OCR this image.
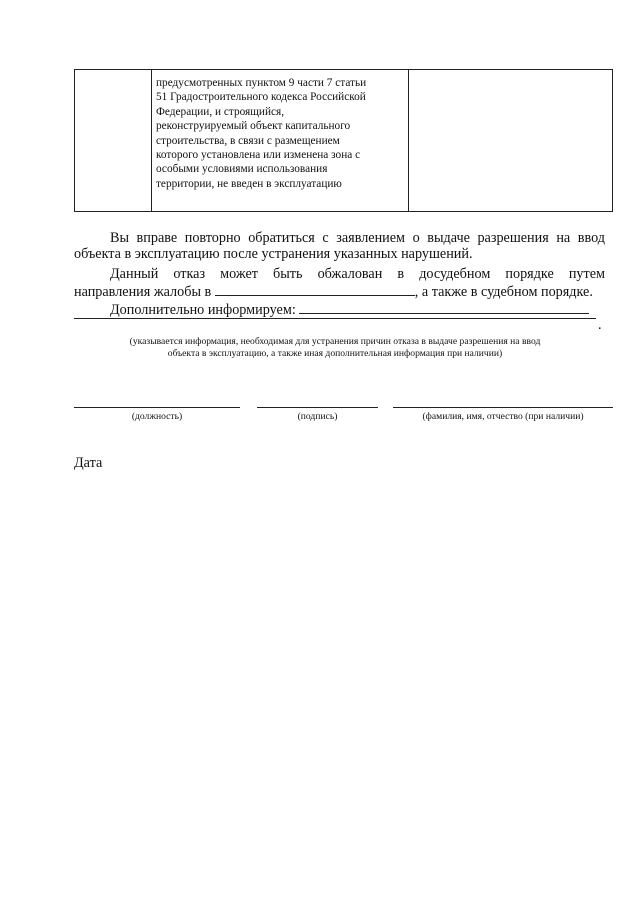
предусмотренных пунктом 9 части 7 статьи
51 Градостроительного кодекса Российской
Федерации, и строящийся,
реконструируемый объект капитального
строительства, в связи с размещением
которого установлена или изменена зона с
особыми условиями использования
территории, не введен в эксплуатацию

Вы вправе повторно обратиться с заявлением о выдаче разрешения на ввод
объекта в эксплуатацию после устранения указанных нарушений.
Данный отказ может быть обжалован в досудебном порядке путем
направления жалобы в	, а также в судебном порядке.
Дополнительно информируем:
.
(указывается информация, необходимая для устранения причин отказа в выдаче разрешения на ввод
объекта в эксплуатацию, а также иная дополнительная информация при наличии)
(должность)	(подпись)	(фамилия, имя, отчество (при наличии)
Дата
